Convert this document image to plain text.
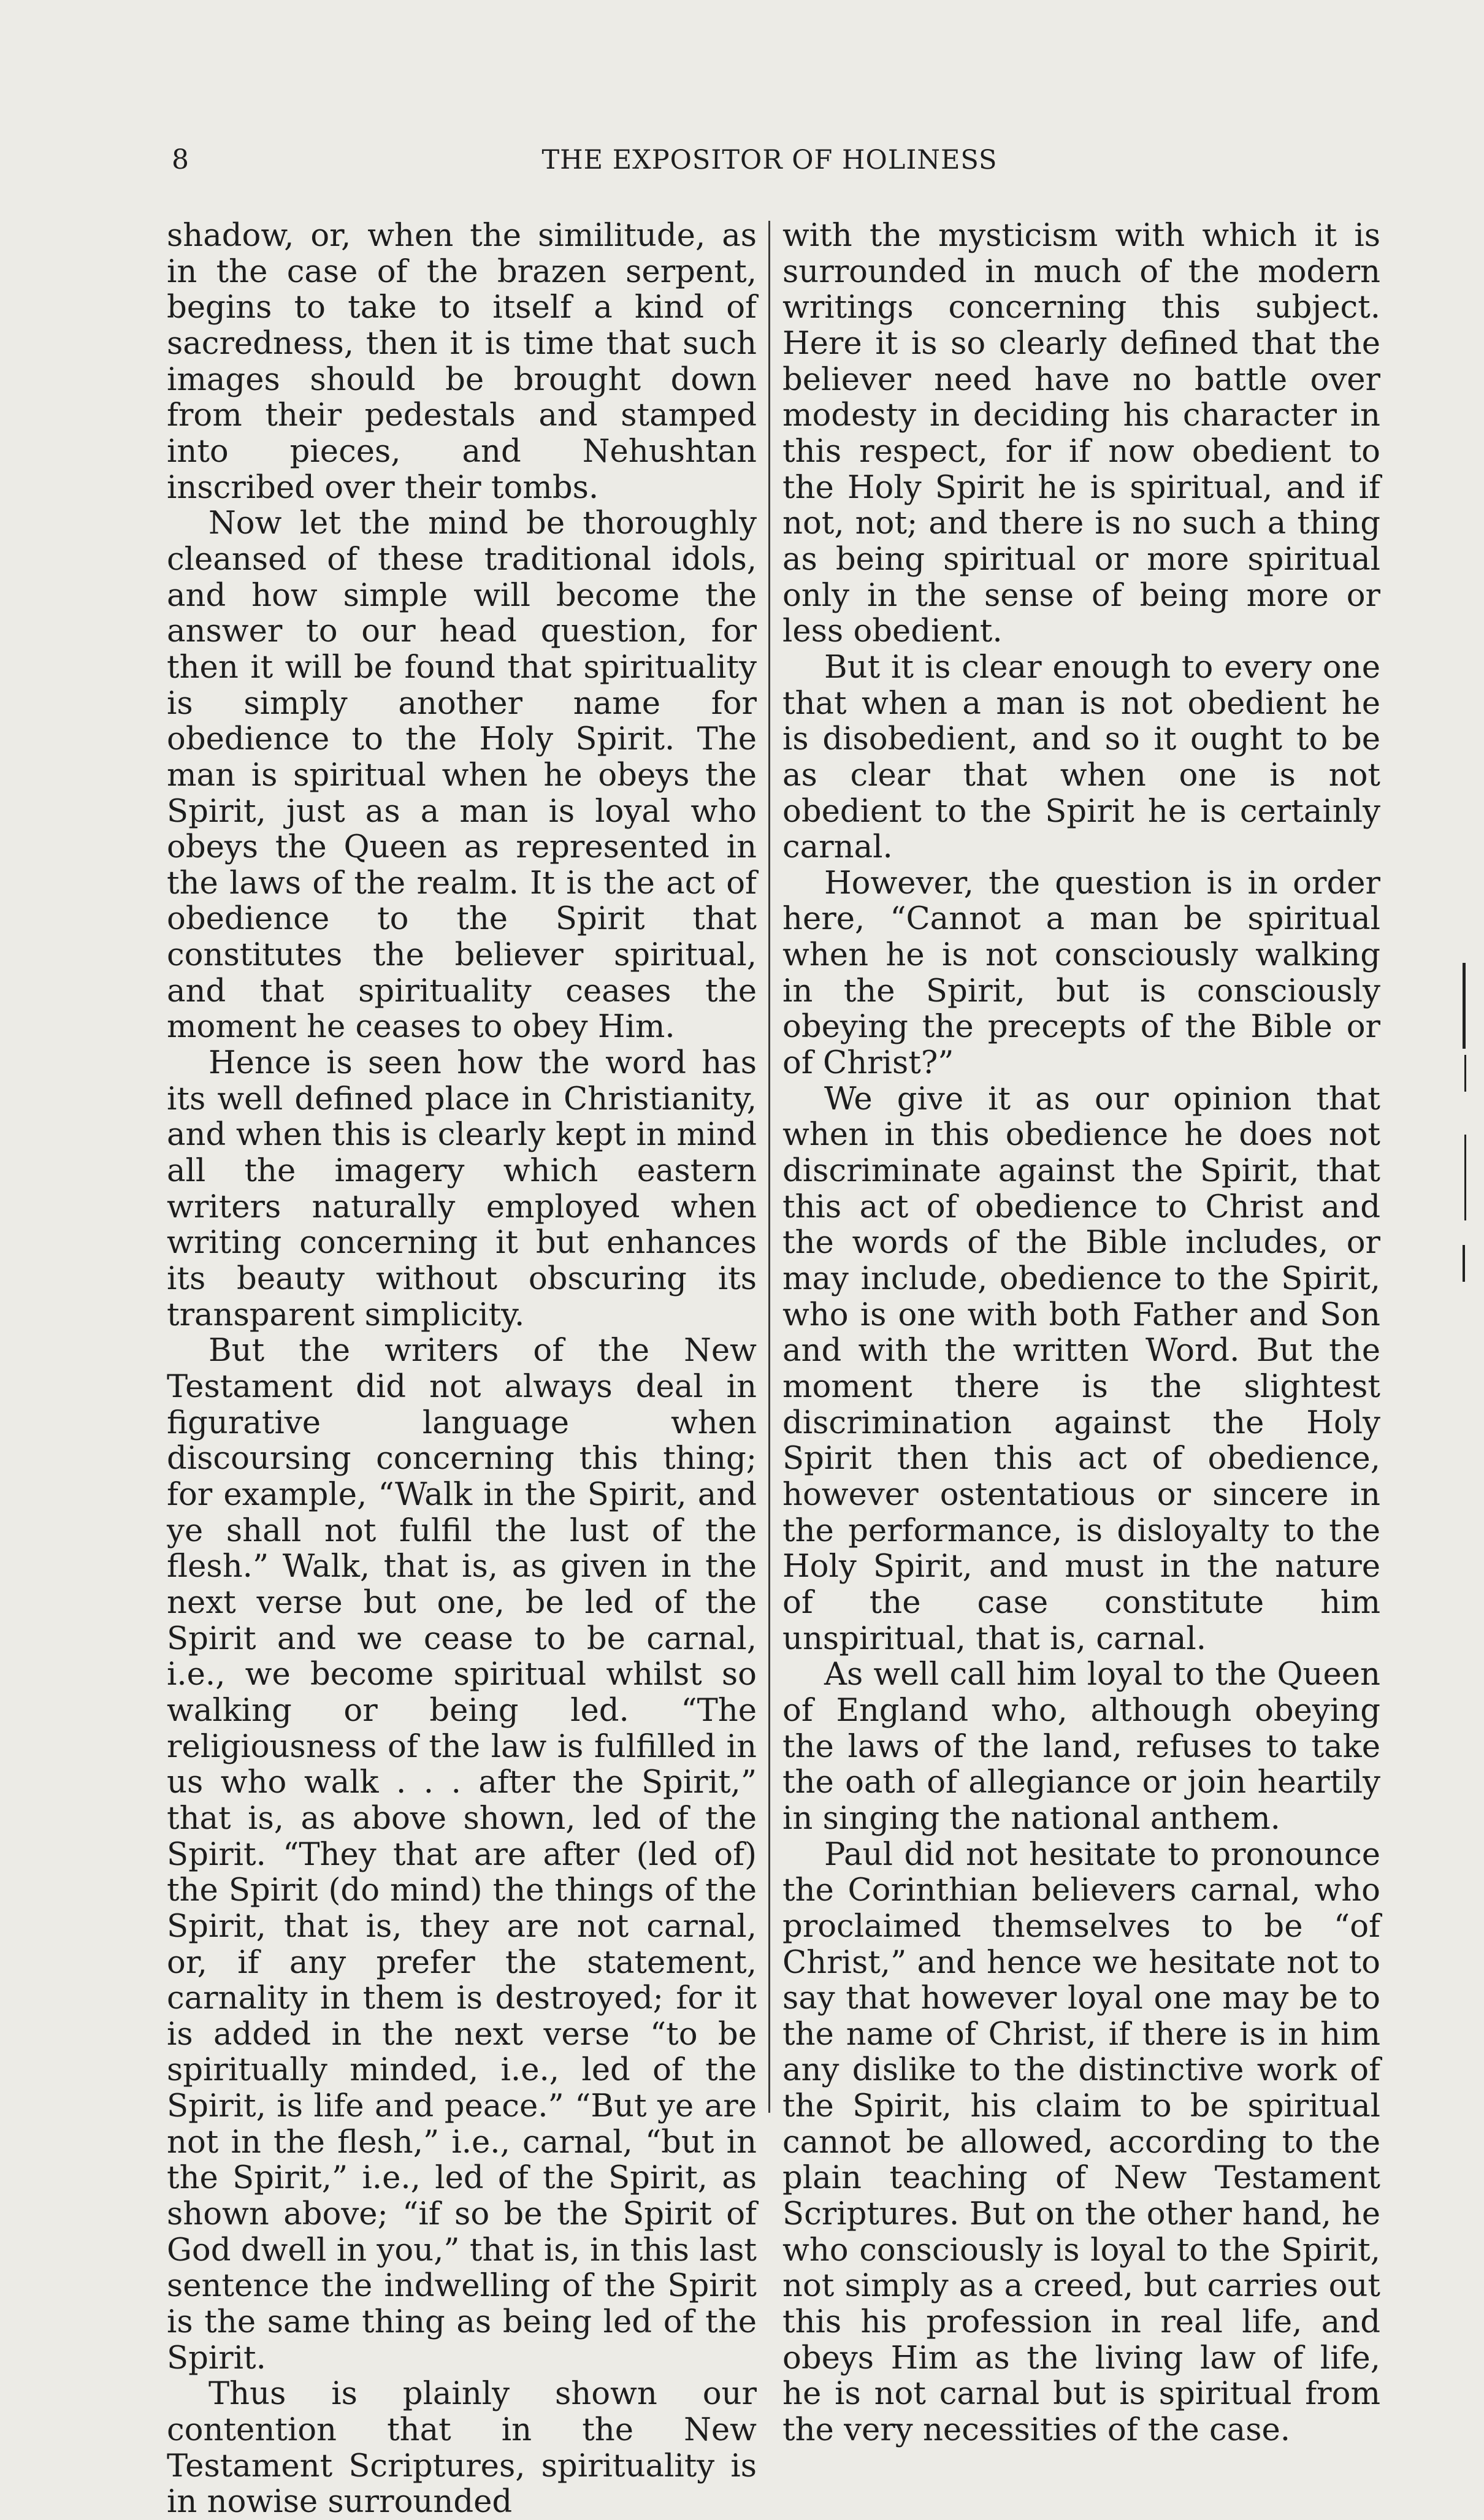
8	THE EXPOSITOR OF HOLINESS

shadow, or, when the similitude, as in the case of the brazen serpent, begins to take to itself a kind of sacredness, then it is time that such images should be brought down from their pedestals and stamped into pieces, and Nehushtan inscribed over their tombs.

Now let the mind be thoroughly cleansed of these traditional idols, and how simple will become the answer to our head question, for then it will be found that spirituality is simply another name for obedience to the Holy Spirit. The man is spiritual when he obeys the Spirit, just as a man is loyal who obeys the Queen as represented in the laws of the realm. It is the act of obedience to the Spirit that constitutes the believer spiritual, and that spirituality ceases the moment he ceases to obey Him.

Hence is seen how the word has its well defined place in Christianity, and when this is clearly kept in mind all the imagery which eastern writers naturally employed when writing concerning it but enhances its beauty without obscuring its transparent simplicity.

But the writers of the New Testament did not always deal in figurative language when discoursing concerning this thing; for example, “Walk in the Spirit, and ye shall not fulfil the lust of the flesh.” Walk, that is, as given in the next verse but one, be led of the Spirit and we cease to be carnal, i.e., we become spiritual whilst so walking or being led. “The religiousness of the law is fulfilled in us who walk . . . after the Spirit,” that is, as above shown, led of the Spirit. “They that are after (led of) the Spirit (do mind) the things of the Spirit, that is, they are not carnal, or, if any prefer the statement, carnality in them is destroyed; for it is added in the next verse “to be spiritually minded, i.e., led of the Spirit, is life and peace.” “But ye are not in the flesh,” i.e., carnal, “but in the Spirit,” i.e., led of the Spirit, as shown above; “if so be the Spirit of God dwell in you,” that is, in this last sentence the indwelling of the Spirit is the same thing as being led of the Spirit.

Thus is plainly shown our contention that in the New Testament Scriptures, spirituality is in nowise surrounded

with the mysticism with which it is surrounded in much of the modern writings concerning this subject. Here it is so clearly defined that the believer need have no battle over modesty in deciding his character in this respect, for if now obedient to the Holy Spirit he is spiritual, and if not, not; and there is no such a thing as being spiritual or more spiritual only in the sense of being more or less obedient.

But it is clear enough to every one that when a man is not obedient he is disobedient, and so it ought to be as clear that when one is not obedient to the Spirit he is certainly carnal.

However, the question is in order here, “Cannot a man be spiritual when he is not consciously walking in the Spirit, but is consciously obeying the precepts of the Bible or of Christ?”

We give it as our opinion that when in this obedience he does not discriminate against the Spirit, that this act of obedience to Christ and the words of the Bible includes, or may include, obedience to the Spirit, who is one with both Father and Son and with the written Word. But the moment there is the slightest discrimination against the Holy Spirit then this act of obedience, however ostentatious or sincere in the performance, is disloyalty to the Holy Spirit, and must in the nature of the case constitute him unspiritual, that is, carnal.

As well call him loyal to the Queen of England who, although obeying the laws of the land, refuses to take the oath of allegiance or join heartily in singing the national anthem.

Paul did not hesitate to pronounce the Corinthian believers carnal, who proclaimed themselves to be “of Christ,” and hence we hesitate not to say that however loyal one may be to the name of Christ, if there is in him any dislike to the distinctive work of the Spirit, his claim to be spiritual cannot be allowed, according to the plain teaching of New Testament Scriptures. But on the other hand, he who consciously is loyal to the Spirit, not simply as a creed, but carries out this his profession in real life, and obeys Him as the living law of life, he is not carnal but is spiritual from the very necessities of the case.
